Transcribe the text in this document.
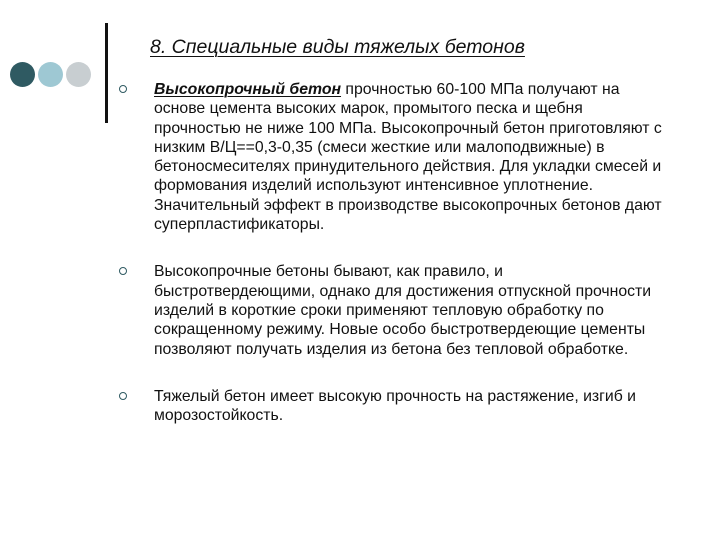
8. Специальные виды тяжелых бетонов
Высокопрочный бетон прочностью 60-100 МПа получают на основе цемента высоких марок, промытого песка и щебня прочностью не ниже 100 МПа. Высокопрочный бетон приготовляют с низким В/Ц==0,3-0,35 (смеси жесткие или малоподвижные) в бетоносмесителях принудительного действия. Для укладки смесей и формования изделий используют интенсивное уплотнение. Значительный эффект в производстве высокопрочных бетонов дают суперпластификаторы.
Высокопрочные бетоны бывают, как правило, и быстротвердеющими, однако для достижения отпускной прочности изделий в короткие сроки применяют тепловую обработку по сокращенному режиму. Новые особо быстротвердеющие цементы позволяют получать изделия из бетона без тепловой обработке.
Тяжелый бетон имеет высокую прочность на растяжение, изгиб и морозостойкость.
